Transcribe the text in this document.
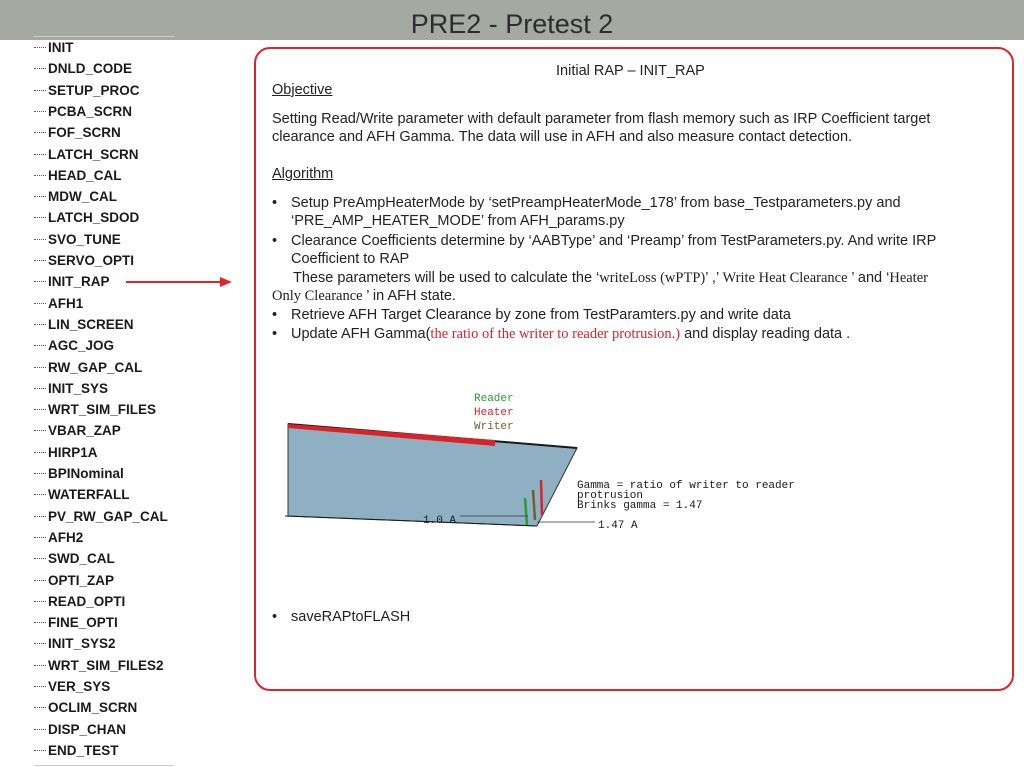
PRE2 - Pretest 2
INIT
DNLD_CODE
SETUP_PROC
PCBA_SCRN
FOF_SCRN
LATCH_SCRN
HEAD_CAL
MDW_CAL
LATCH_SDOD
SVO_TUNE
SERVO_OPTI
INIT_RAP
AFH1
LIN_SCREEN
AGC_JOG
RW_GAP_CAL
INIT_SYS
WRT_SIM_FILES
VBAR_ZAP
HIRP1A
BPINominal
WATERFALL
PV_RW_GAP_CAL
AFH2
SWD_CAL
OPTI_ZAP
READ_OPTI
FINE_OPTI
INIT_SYS2
WRT_SIM_FILES2
VER_SYS
OCLIM_SCRN
DISP_CHAN
END_TEST
Initial RAP – INIT_RAP
Objective
Setting Read/Write parameter with default parameter from flash memory such as IRP Coefficient target
clearance and AFH Gamma. The data will use in AFH and also measure contact detection.
Algorithm
• Setup PreAmpHeaterMode by ‘setPreampHeaterMode_178’ from base_Testparameters.py and
‘PRE_AMP_HEATER_MODE’ from AFH_params.py
• Clearance Coefficients determine by ‘AABType’ and ‘Preamp’ from TestParameters.py. And write IRP
Coefficient to RAP
These parameters will be used to calculate the ‘writeLoss (wPTP)’ ,’ Write Heat Clearance ’ and ‘Heater
Only Clearance ’ in AFH state.
• Retrieve AFH Target Clearance by zone from TestParamters.py and write data
• Update AFH Gamma(the ratio of the writer to reader protrusion.) and display reading data .
• saveRAPtoFLASH
Reader
Heater
Writer
1.0 A	1.47 A
Gamma = ratio of writer to reader
protrusion
Brinks gamma = 1.47
